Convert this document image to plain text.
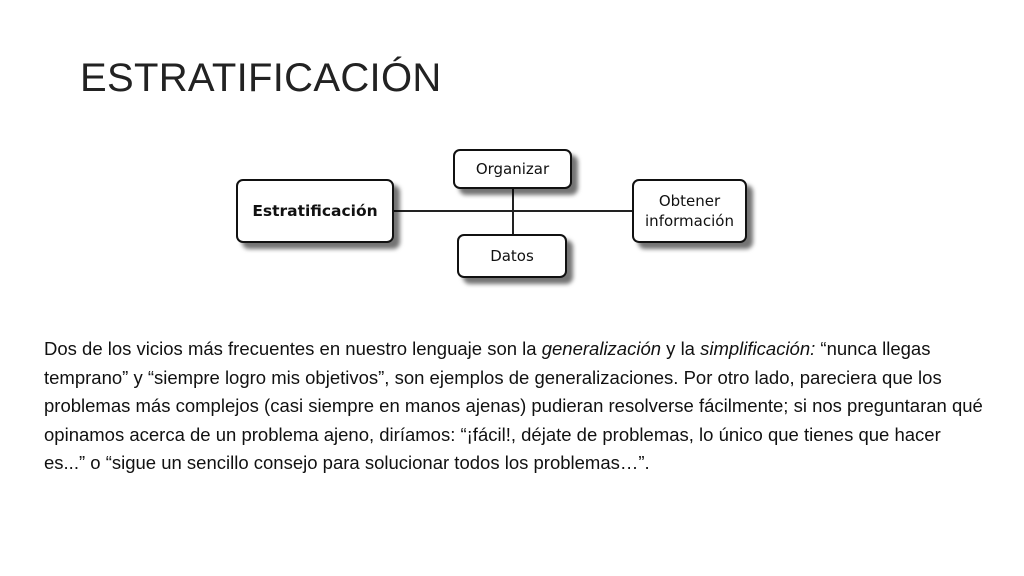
ESTRATIFICACIÓN
Estratificación
Organizar
Datos
Obtener
información
Dos de los vicios más frecuentes en nuestro lenguaje son la generalización y la simplificación: “nunca llegas temprano” y “siempre logro mis objetivos”, son ejemplos de generalizaciones. Por otro lado, pareciera que los problemas más complejos (casi siempre en manos ajenas) pudieran resolverse fácilmente; si nos preguntaran qué opinamos acerca de un problema ajeno, diríamos: “¡fácil!, déjate de problemas, lo único que tienes que hacer es...” o “sigue un sencillo consejo para solucionar todos los problemas…”.
